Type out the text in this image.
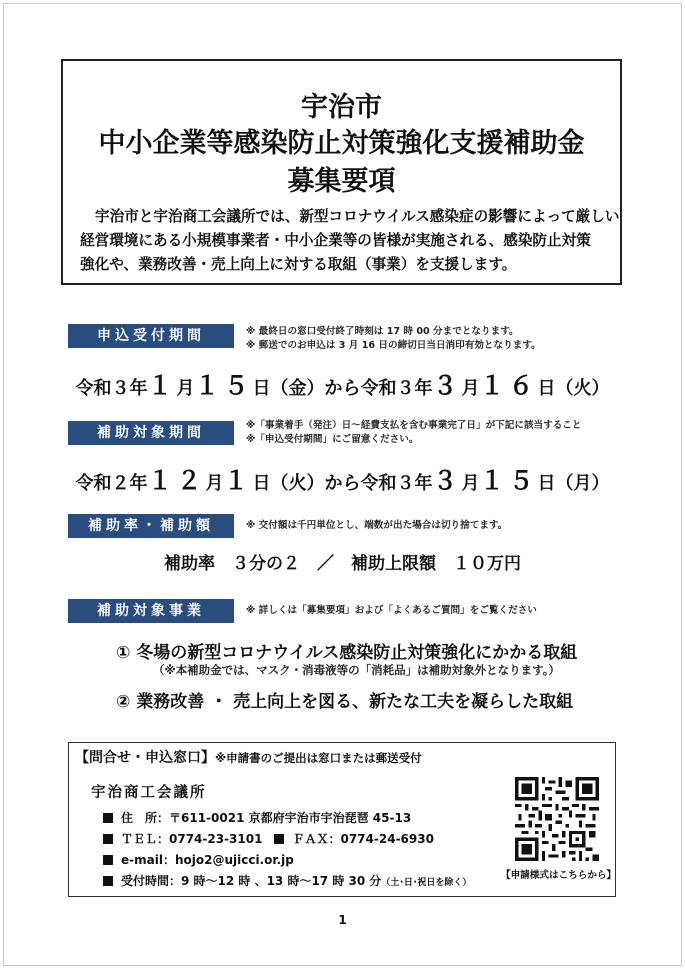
宇治市
中小企業等感染防止対策強化支援補助金
募集要項
宇治市と宇治商工会議所では、新型コロナウイルス感染症の影響によって厳しい
経営環境にある小規模事業者・中小企業等の皆様が実施される、感染防止対策
強化や、業務改善・売上向上に対する取組（事業）を支援します。
申込受付期間	※ 最終日の窓口受付終了時刻は 17 時 00 分までとなります。
※ 郵送でのお申込は 3 月 16 日の締切日当日消印有効となります。
令和３年１月１５日（金）から令和３年３月１６日（火）
補助対象期間	※「事業着手（発注）日～経費支払を含む事業完了日」が下記に該当すること
※「申込受付期間」にご留意ください。
令和２年１２月１日（火）から令和３年３月１５日（月）
補助率・補助額	※ 交付額は千円単位とし、端数が出た場合は切り捨てます。
補助率　３分の２　／　補助上限額　１０万円
補助対象事業	※ 詳しくは「募集要項」および「よくあるご質問」をご覧ください
① 冬場の新型コロナウイルス感染防止対策強化にかかる取組
（※本補助金では、マスク・消毒液等の「消耗品」は補助対象外となります。）
② 業務改善 ・ 売上向上を図る、新たな工夫を凝らした取組
【問合せ・申込窓口】※申請書のご提出は窓口または郵送受付
宇治商工会議所
住　所：〒611-0021 京都府宇治市宇治琵琶 45-13
ＴＥＬ：0774-23-3101　	ＦＡＸ：0774-24-6930
e-mail：hojo2@ujicci.or.jp
受付時間：9 時～12 時 、13 時～17 時 30 分（土･日･祝日を除く）
【申請様式はこちらから】
1
